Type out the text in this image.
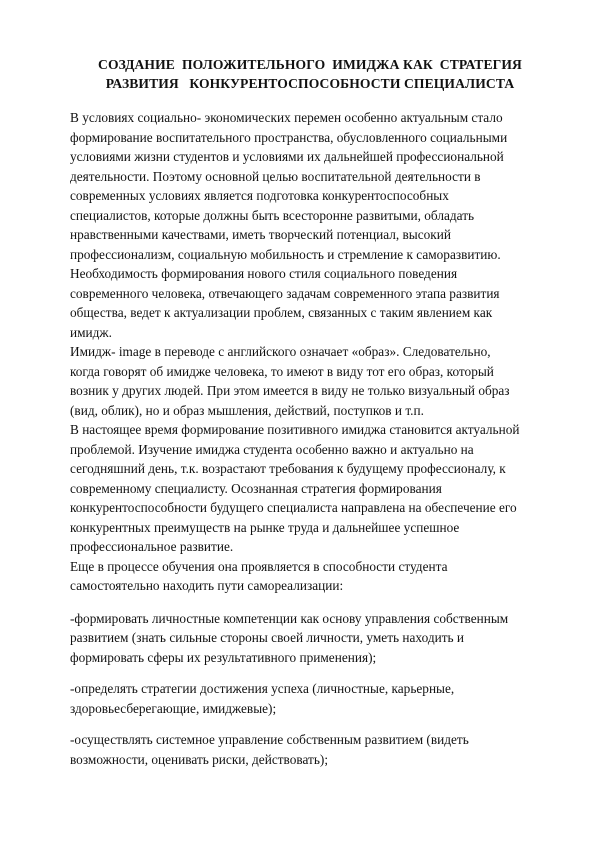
СОЗДАНИЕ  ПОЛОЖИТЕЛЬНОГО  ИМИДЖА КАК  СТРАТЕГИЯ
РАЗВИТИЯ   КОНКУРЕНТОСПОСОБНОСТИ СПЕЦИАЛИСТА
В условиях социально- экономических перемен особенно актуальным стало
формирование воспитательного пространства, обусловленного социальными
условиями жизни студентов и условиями их дальнейшей профессиональной
деятельности. Поэтому основной целью воспитательной деятельности в
современных условиях является подготовка конкурентоспособных
специалистов, которые должны быть всесторонне развитыми, обладать
нравственными качествами, иметь творческий потенциал, высокий
профессионализм, социальную мобильность и стремление к саморазвитию.
Необходимость формирования нового стиля социального поведения
современного человека, отвечающего задачам современного этапа развития
общества, ведет к актуализации проблем, связанных с таким явлением как
имидж.
Имидж- image в переводе с английского означает «образ». Следовательно,
когда говорят об имидже человека, то имеют в виду тот его образ, который
возник у других людей. При этом имеется в виду не только визуальный образ
(вид, облик), но и образ мышления, действий, поступков и т.п.
В настоящее время формирование позитивного имиджа становится актуальной
проблемой. Изучение имиджа студента особенно важно и актуально на
сегодняшний день, т.к. возрастают требования к будущему профессионалу, к
современному специалисту. Осознанная стратегия формирования
конкурентоспособности будущего специалиста направлена на обеспечение его
конкурентных преимуществ на рынке труда и дальнейшее успешное
профессиональное развитие.
Еще в процессе обучения она проявляется в способности студента
самостоятельно находить пути самореализации:
-формировать личностные компетенции как основу управления собственным
развитием (знать сильные стороны своей личности, уметь находить и
формировать сферы их результативного применения);
-определять стратегии достижения успеха (личностные, карьерные,
здоровьесберегающие, имиджевые);
-осуществлять системное управление собственным развитием (видеть
возможности, оценивать риски, действовать);
